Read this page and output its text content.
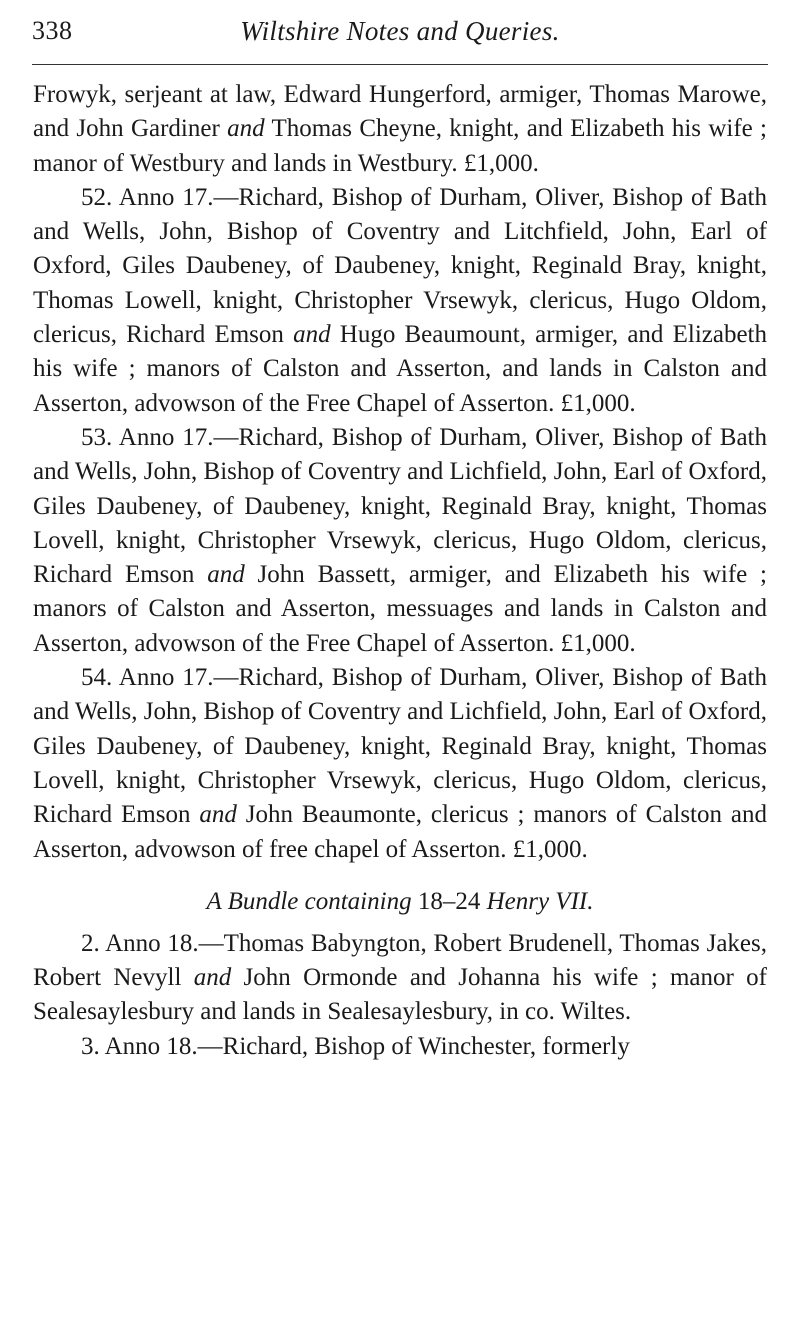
338	Wiltshire Notes and Queries.

Frowyk, serjeant at law, Edward Hungerford, armiger, Thomas Marowe, and John Gardiner and Thomas Cheyne, knight, and Elizabeth his wife ; manor of Westbury and lands in Westbury. £1,000.

52. Anno 17.—Richard, Bishop of Durham, Oliver, Bishop of Bath and Wells, John, Bishop of Coventry and Litchfield, John, Earl of Oxford, Giles Daubeney, of Daubeney, knight, Reginald Bray, knight, Thomas Lowell, knight, Christopher Vrsewyk, clericus, Hugo Oldom, clericus, Richard Emson and Hugo Beaumount, armiger, and Elizabeth his wife ; manors of Calston and Asserton, and lands in Calston and Asserton, advowson of the Free Chapel of Asserton. £1,000.

53. Anno 17.—Richard, Bishop of Durham, Oliver, Bishop of Bath and Wells, John, Bishop of Coventry and Lichfield, John, Earl of Oxford, Giles Daubeney, of Daubeney, knight, Reginald Bray, knight, Thomas Lovell, knight, Christopher Vrsewyk, clericus, Hugo Oldom, clericus, Richard Emson and John Bassett, armiger, and Elizabeth his wife ; manors of Calston and Asserton, messuages and lands in Calston and Asserton, advowson of the Free Chapel of Asserton. £1,000.

54. Anno 17.—Richard, Bishop of Durham, Oliver, Bishop of Bath and Wells, John, Bishop of Coventry and Lichfield, John, Earl of Oxford, Giles Daubeney, of Daubeney, knight, Reginald Bray, knight, Thomas Lovell, knight, Christopher Vrsewyk, clericus, Hugo Oldom, clericus, Richard Emson and John Beaumonte, clericus ; manors of Calston and Asserton, advowson of free chapel of Asserton. £1,000.

A Bundle containing 18–24 Henry VII.

2. Anno 18.—Thomas Babyngton, Robert Brudenell, Thomas Jakes, Robert Nevyll and John Ormonde and Johanna his wife ; manor of Sealesaylesbury and lands in Sealesaylesbury, in co. Wiltes.

3. Anno 18.—Richard, Bishop of Winchester, formerly
